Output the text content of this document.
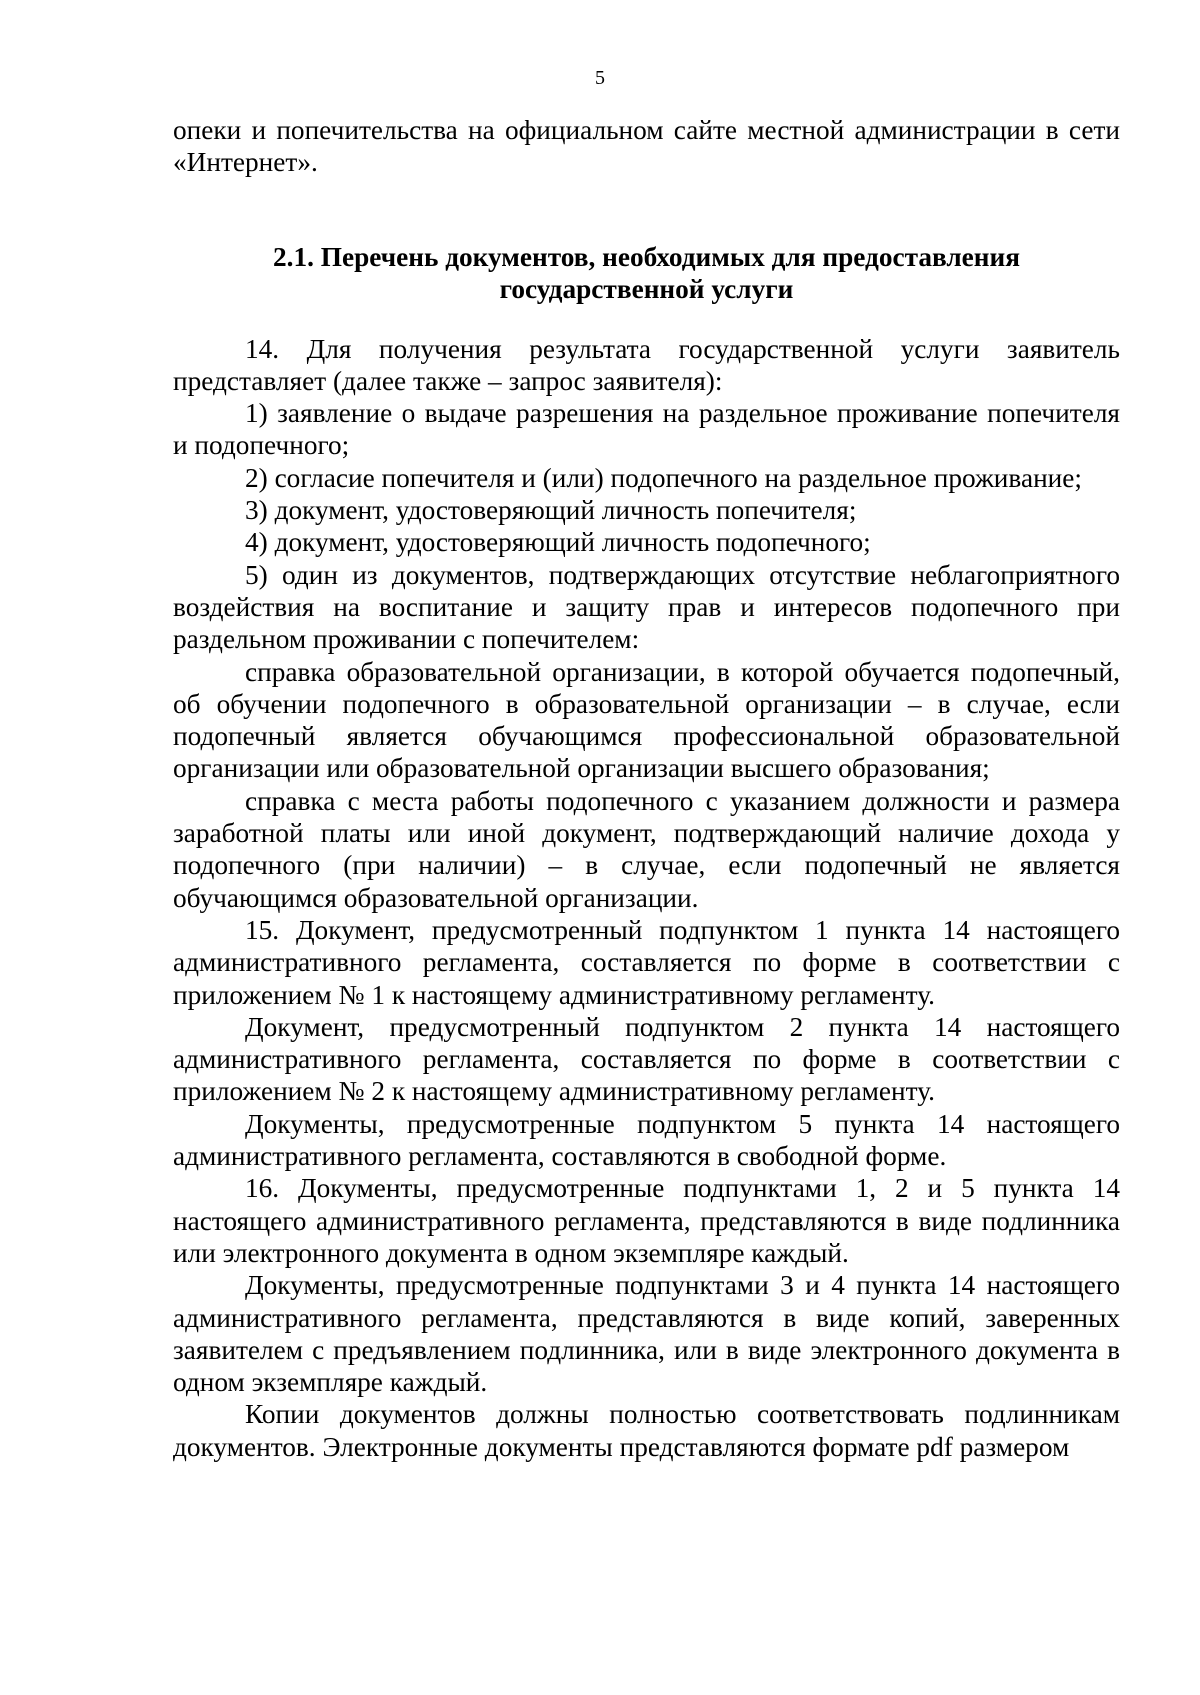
5

опеки и попечительства на официальном сайте местной администрации в сети «Интернет».

2.1. Перечень документов, необходимых для предоставления
государственной услуги

14. Для получения результата государственной услуги заявитель представляет (далее также – запрос заявителя):

1) заявление о выдаче разрешения на раздельное проживание попечителя и подопечного;

2) согласие попечителя и (или) подопечного на раздельное проживание;

3) документ, удостоверяющий личность попечителя;

4) документ, удостоверяющий личность подопечного;

5) один из документов, подтверждающих отсутствие неблагоприятного воздействия на воспитание и защиту прав и интересов подопечного при раздельном проживании с попечителем:

справка образовательной организации, в которой обучается подопечный, об обучении подопечного в образовательной организации – в случае, если подопечный является обучающимся профессиональной образовательной организации или образовательной организации высшего образования;

справка с места работы подопечного с указанием должности и размера заработной платы или иной документ, подтверждающий наличие дохода у подопечного (при наличии) – в случае, если подопечный не является обучающимся образовательной организации.

15. Документ, предусмотренный подпунктом 1 пункта 14 настоящего административного регламента, составляется по форме в соответствии с приложением № 1 к настоящему административному регламенту.

Документ, предусмотренный подпунктом 2 пункта 14 настоящего административного регламента, составляется по форме в соответствии с приложением № 2 к настоящему административному регламенту.

Документы, предусмотренные подпунктом 5 пункта 14 настоящего административного регламента, составляются в свободной форме.

16. Документы, предусмотренные подпунктами 1, 2 и 5 пункта 14 настоящего административного регламента, представляются в виде подлинника или электронного документа в одном экземпляре каждый.

Документы, предусмотренные подпунктами 3 и 4 пункта 14 настоящего административного регламента, представляются в виде копий, заверенных заявителем с предъявлением подлинника, или в виде электронного документа в одном экземпляре каждый.

Копии документов должны полностью соответствовать подлинникам документов. Электронные документы представляются формате pdf размером
